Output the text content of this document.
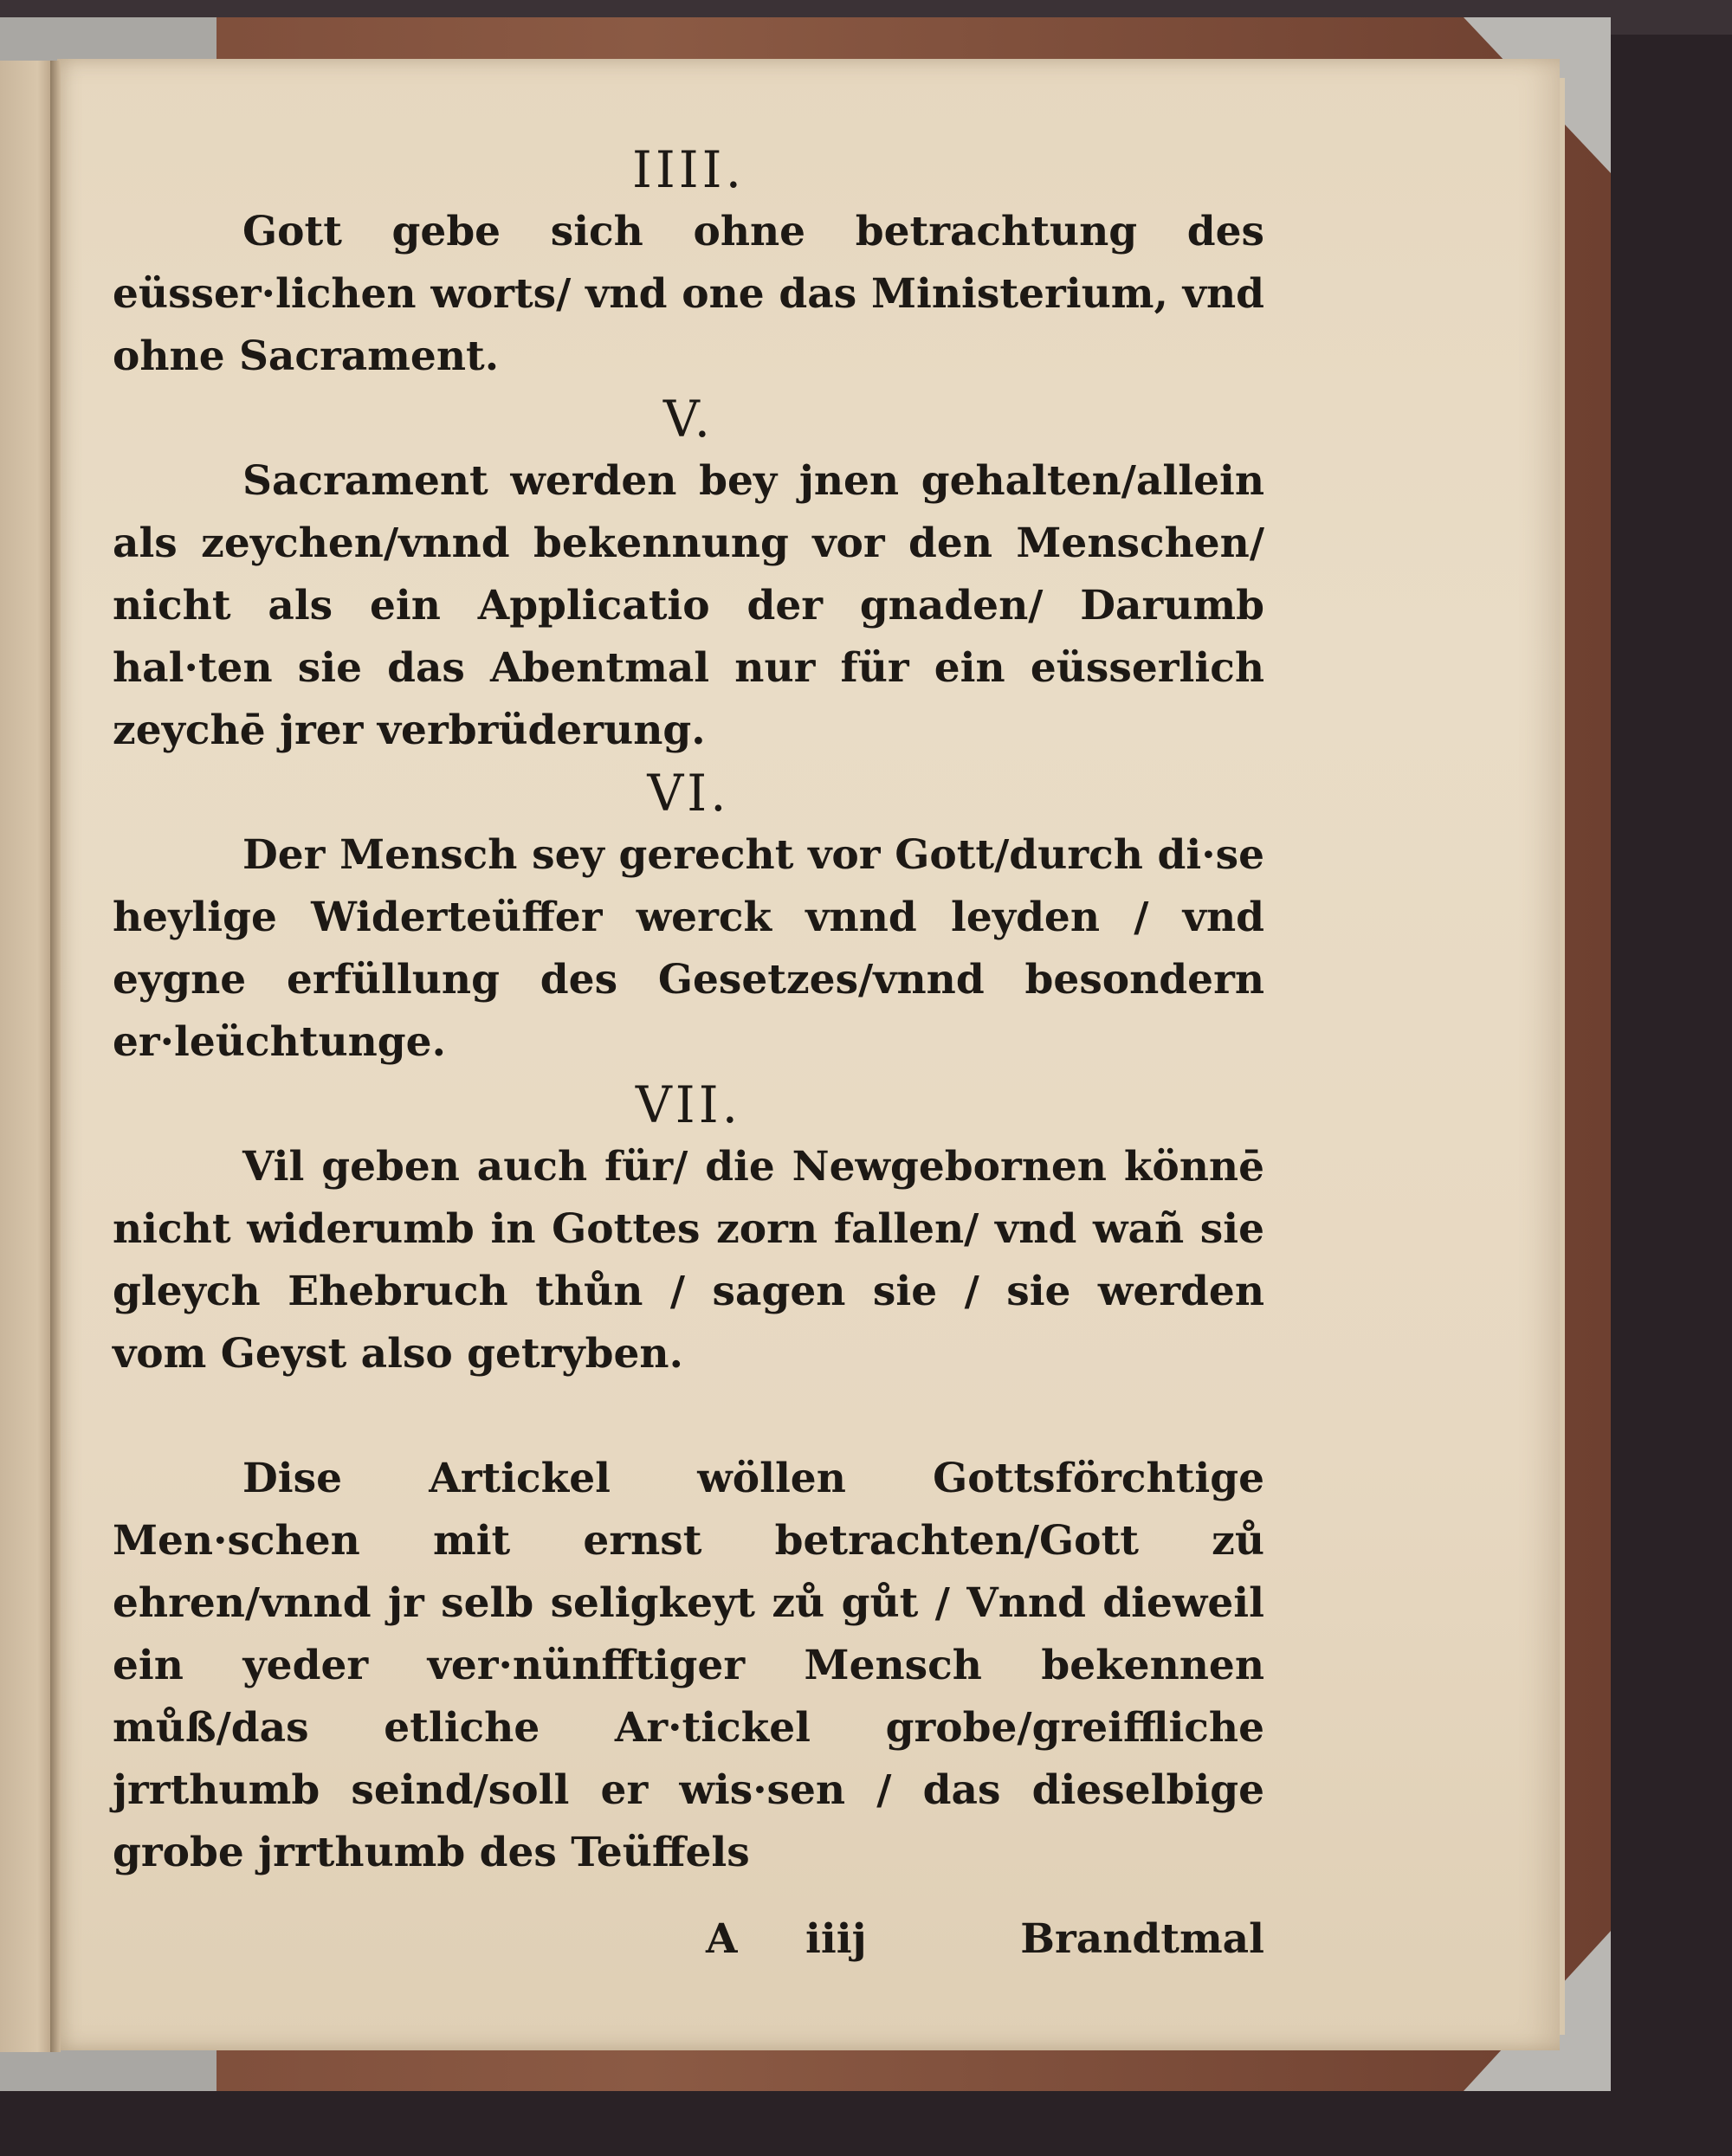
IIII.

Gott gebe sich ohne betrachtung des eüsser·lichen worts/ vnd one das Ministerium, vnd ohne Sacrament.

V.

Sacrament werden bey jnen gehalten/allein als zeychen/vnnd bekennung vor den Menschen/ nicht als ein Applicatio der gnaden/ Darumb hal·ten sie das Abentmal nur für ein eüsserlich zeychē jrer verbrüderung.

VI.

Der Mensch sey gerecht vor Gott/durch di·se heylige Widerteüffer werck vnnd leyden / vnd eygne erfüllung des Gesetzes/vnnd besondern er·leüchtunge.

VII.

Vil geben auch für/ die Newgebornen könnē nicht widerumb in Gottes zorn fallen/ vnd wañ sie gleych Ehebruch thůn / sagen sie / sie werden vom Geyst also getryben.

Dise Artickel wöllen Gottsförchtige Men·schen mit ernst betrachten/Gott zů ehren/vnnd jr selb seligkeyt zů gůt / Vnnd dieweil ein yeder ver·nünfftiger Mensch bekennen můß/das etliche Ar·tickel grobe/greiffliche jrrthumb seind/soll er wis·sen / das dieselbige grobe jrrthumb des Teüffels

A iiij	Brandtmal
